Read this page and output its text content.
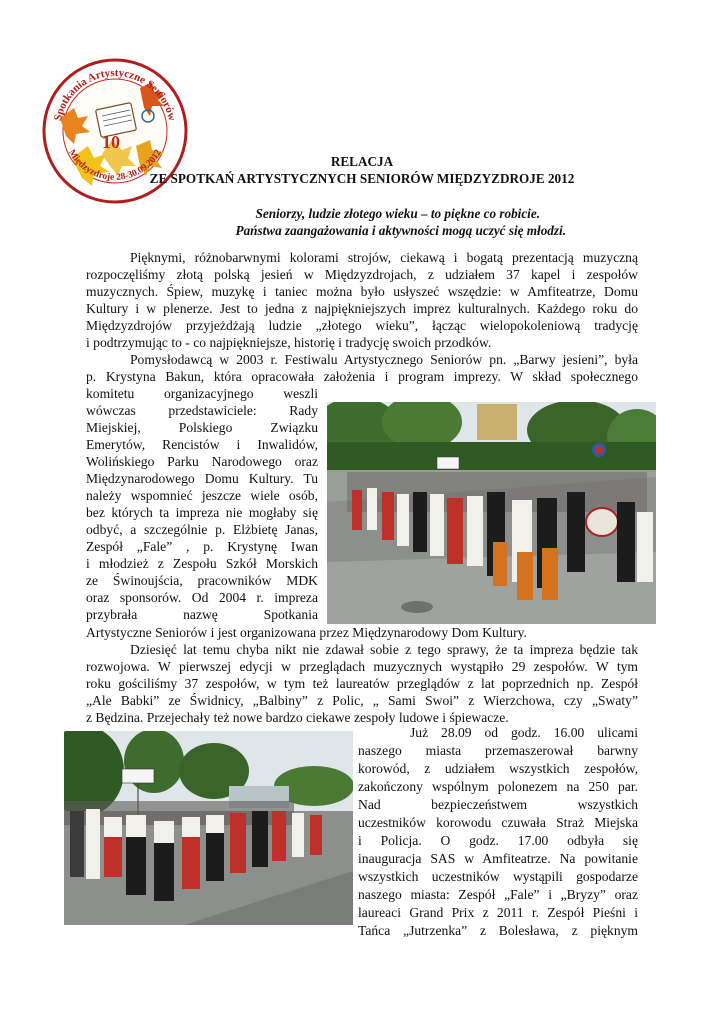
10
Spotkania Artystyczne Seniorów
Międzyzdroje 28-30.09.2012
RELACJA
ZE SPOTKAŃ ARTYSTYCZNYCH SENIORÓW MIĘDZYZDROJE 2012
Seniorzy, ludzie złotego wieku – to piękne co robicie.
Państwa zaangażowania i aktywności mogą uczyć się młodzi.
Pięknymi, różnobarwnymi kolorami strojów, ciekawą i bogatą prezentacją muzyczną
rozpoczęliśmy złotą polską jesień w Międzyzdrojach, z udziałem 37 kapel i zespołów
muzycznych. Śpiew, muzykę i taniec można było usłyszeć wszędzie: w Amfiteatrze, Domu
Kultury i w plenerze. Jest to jedna z najpiękniejszych imprez kulturalnych. Każdego roku do
Międzyzdrojów przyjeżdżają ludzie „złotego wieku”, łącząc wielopokoleniową tradycję
i podtrzymując to - co najpiękniejsze, historię i tradycję swoich przodków.
Pomysłodawcą w 2003 r. Festiwalu Artystycznego Seniorów pn. „Barwy jesieni”, była
p. Krystyna Bakun, która opracowała założenia i program imprezy. W skład społecznego
komitetu organizacyjnego weszli
wówczas przedstawiciele: Rady
Miejskiej, Polskiego Związku
Emerytów, Rencistów i Inwalidów,
Wolińskiego Parku Narodowego oraz
Międzynarodowego Domu Kultury. Tu
należy wspomnieć jeszcze wiele osób,
bez których ta impreza nie mogłaby się
odbyć, a szczególnie p. Elżbietę Janas,
Zespół „Fale” , p. Krystynę Iwan
i młodzież z Zespołu Szkół Morskich
ze Świnoujścia, pracowników MDK
oraz sponsorów. Od 2004 r. impreza
przybrała nazwę Spotkania
Artystyczne Seniorów i jest organizowana przez Międzynarodowy Dom Kultury.
Dziesięć lat temu chyba nikt nie zdawał sobie z tego sprawy, że ta impreza będzie tak
rozwojowa. W pierwszej edycji w przeglądach muzycznych wystąpiło 29 zespołów. W tym
roku gościliśmy 37 zespołów, w tym też laureatów przeglądów z lat poprzednich np. Zespół
„Ale Babki” ze Świdnicy, „Balbiny” z Polic, „ Sami Swoi” z Wierzchowa, czy „Swaty”
z Będzina. Przejechały też nowe bardzo ciekawe zespoły ludowe i śpiewacze.
Już 28.09 od godz. 16.00 ulicami
naszego miasta przemaszerował barwny
korowód, z udziałem wszystkich zespołów,
zakończony wspólnym polonezem na 250 par.
Nad bezpieczeństwem wszystkich
uczestników korowodu czuwała Straż Miejska
i Policja. O godz. 17.00 odbyła się
inauguracja SAS w Amfiteatrze. Na powitanie
wszystkich uczestników wystąpili gospodarze
naszego miasta: Zespół „Fale” i „Bryzy” oraz
laureaci Grand Prix z 2011 r. Zespół Pieśni i
Tańca „Jutrzenka” z Bolesława, z pięknym
